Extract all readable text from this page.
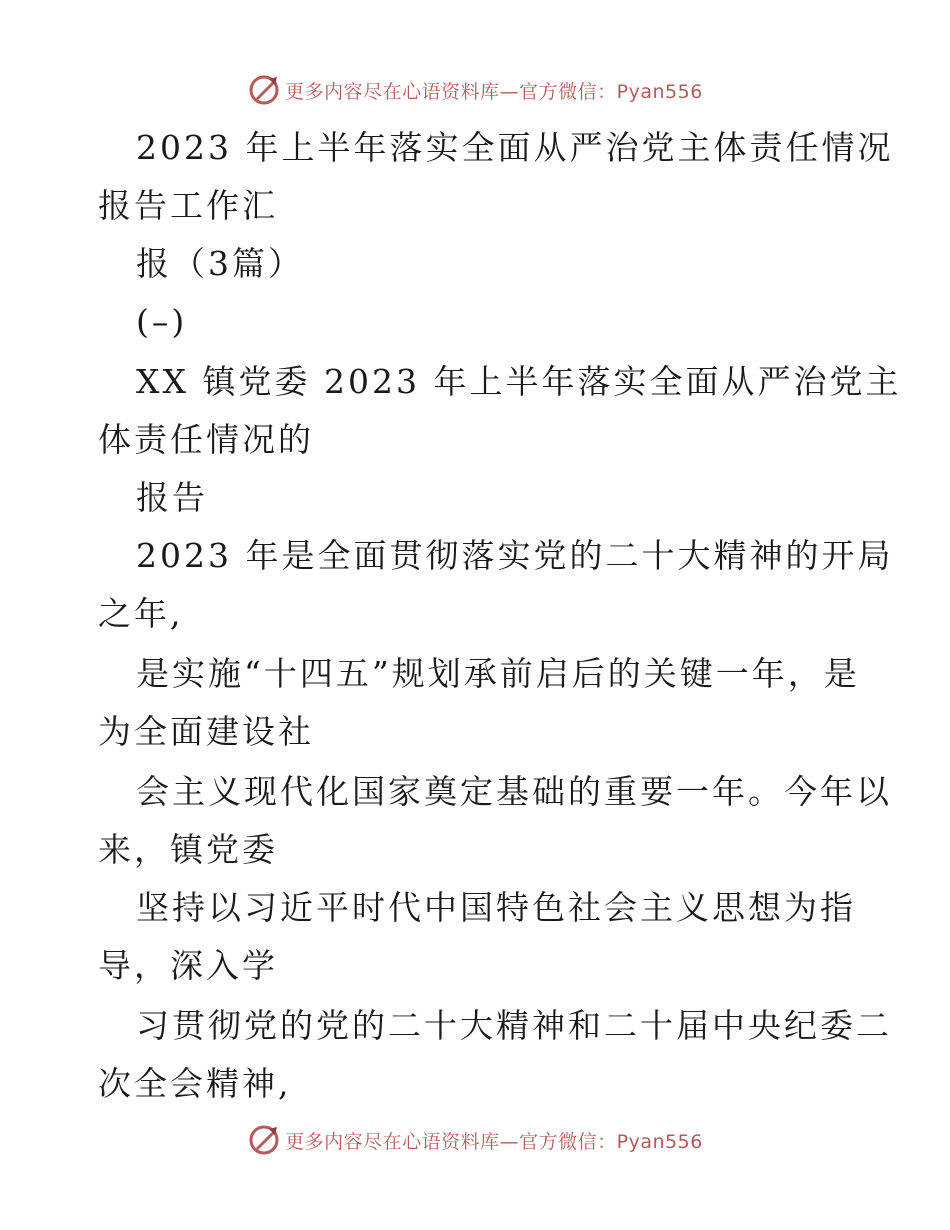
更多内容尽在心语资料库—官方微信：Pyan556
2023 年上半年落实全面从严治党主体责任情况
报告工作汇
报（3篇）
(–)
XX 镇党委 2023 年上半年落实全面从严治党主
体责任情况的
报告
2023 年是全面贯彻落实党的二十大精神的开局
之年,
是实施“十四五”规划承前启后的关键一年，是
为全面建设社
会主义现代化国家奠定基础的重要一年。今年以
来，镇党委
坚持以习近平时代中国特色社会主义思想为指
导，深入学
习贯彻党的党的二十大精神和二十届中央纪委二
次全会精神,
更多内容尽在心语资料库—官方微信：Pyan556
